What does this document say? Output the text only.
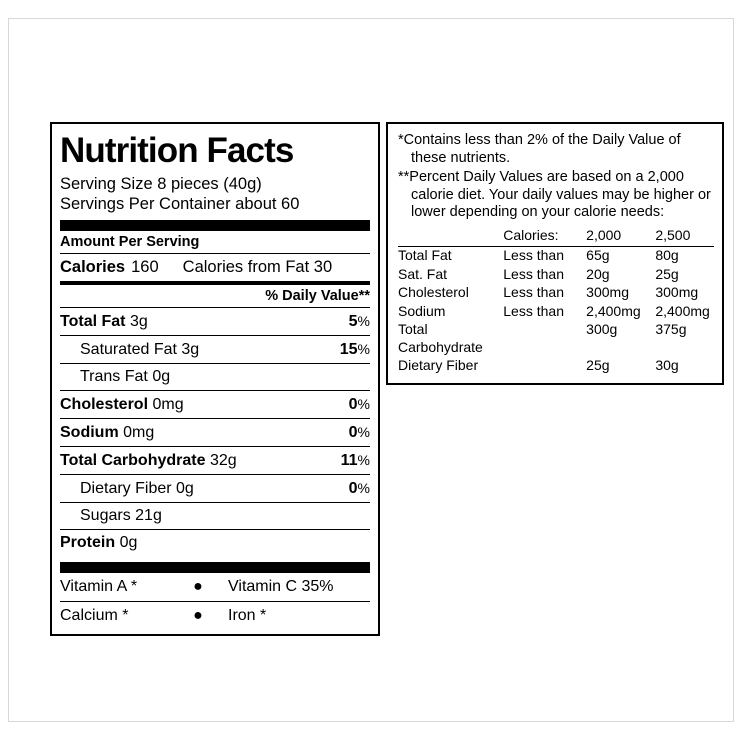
Nutrition Facts
Serving Size 8 pieces (40g)
Servings Per Container about 60
Amount Per Serving
Calories 160 Calories from Fat 30
% Daily Value**
Total Fat 3g	5%
Saturated Fat 3g	15%
Trans Fat 0g
Cholesterol 0mg	0%
Sodium 0mg	0%
Total Carbohydrate 32g	11%
Dietary Fiber 0g	0%
Sugars 21g
Protein 0g
Vitamin A *	●	Vitamin C 35%
Calcium *	●	Iron *
*Contains less than 2% of the Daily Value of these nutrients.
**Percent Daily Values are based on a 2,000 calorie diet. Your daily values may be higher or lower depending on your calorie needs:
	Calories:	2,000	2,500
Total Fat	Less than	65g	80g
Sat. Fat	Less than	20g	25g
Cholesterol	Less than	300mg	300mg
Sodium	Less than	2,400mg	2,400mg
Total Carbohydrate		300g	375g
Dietary Fiber		25g	30g
